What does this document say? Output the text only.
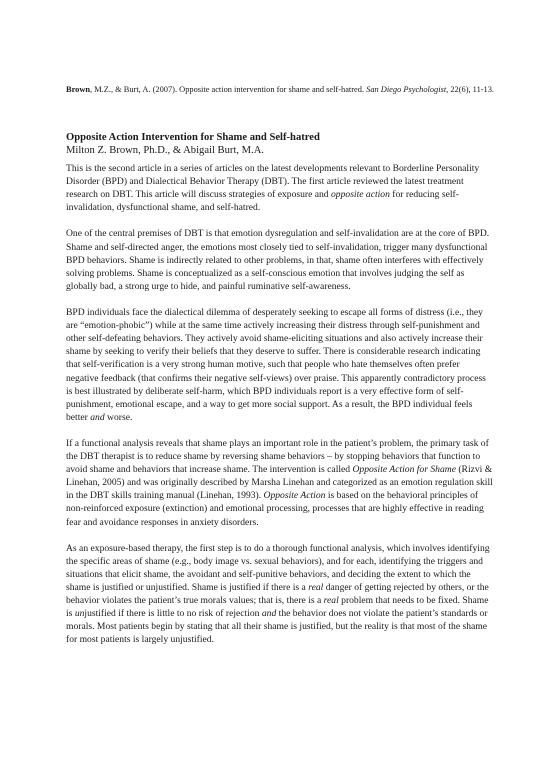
Brown, M.Z., & Burt, A. (2007). Opposite action intervention for shame and self-hatred. San Diego Psychologist, 22(6), 11-13.

Opposite Action Intervention for Shame and Self-hatred

Milton Z. Brown, Ph.D., & Abigail Burt, M.A.

This is the second article in a series of articles on the latest developments relevant to Borderline Personality Disorder (BPD) and Dialectical Behavior Therapy (DBT). The first article reviewed the latest treatment research on DBT. This article will discuss strategies of exposure and opposite action for reducing self-invalidation, dysfunctional shame, and self-hatred.

One of the central premises of DBT is that emotion dysregulation and self-invalidation are at the core of BPD. Shame and self-directed anger, the emotions most closely tied to self-invalidation, trigger many dysfunctional BPD behaviors. Shame is indirectly related to other problems, in that, shame often interferes with effectively solving problems. Shame is conceptualized as a self-conscious emotion that involves judging the self as globally bad, a strong urge to hide, and painful ruminative self-awareness.

BPD individuals face the dialectical dilemma of desperately seeking to escape all forms of distress (i.e., they are “emotion-phobic”) while at the same time actively increasing their distress through self-punishment and other self-defeating behaviors. They actively avoid shame-eliciting situations and also actively increase their shame by seeking to verify their beliefs that they deserve to suffer. There is considerable research indicating that self-verification is a very strong human motive, such that people who hate themselves often prefer negative feedback (that confirms their negative self-views) over praise. This apparently contradictory process is best illustrated by deliberate self-harm, which BPD individuals report is a very effective form of self-punishment, emotional escape, and a way to get more social support. As a result, the BPD individual feels better and worse.

If a functional analysis reveals that shame plays an important role in the patient’s problem, the primary task of the DBT therapist is to reduce shame by reversing shame behaviors – by stopping behaviors that function to avoid shame and behaviors that increase shame. The intervention is called Opposite Action for Shame (Rizvi & Linehan, 2005) and was originally described by Marsha Linehan and categorized as an emotion regulation skill in the DBT skills training manual (Linehan, 1993). Opposite Action is based on the behavioral principles of non-reinforced exposure (extinction) and emotional processing, processes that are highly effective in reading fear and avoidance responses in anxiety disorders.

As an exposure-based therapy, the first step is to do a thorough functional analysis, which involves identifying the specific areas of shame (e.g., body image vs. sexual behaviors), and for each, identifying the triggers and situations that elicit shame, the avoidant and self-punitive behaviors, and deciding the extent to which the shame is justified or unjustified. Shame is justified if there is a real danger of getting rejected by others, or the behavior violates the patient’s true morals values; that is, there is a real problem that needs to be fixed. Shame is unjustified if there is little to no risk of rejection and the behavior does not violate the patient’s standards or morals. Most patients begin by stating that all their shame is justified, but the reality is that most of the shame for most patients is largely unjustified.
